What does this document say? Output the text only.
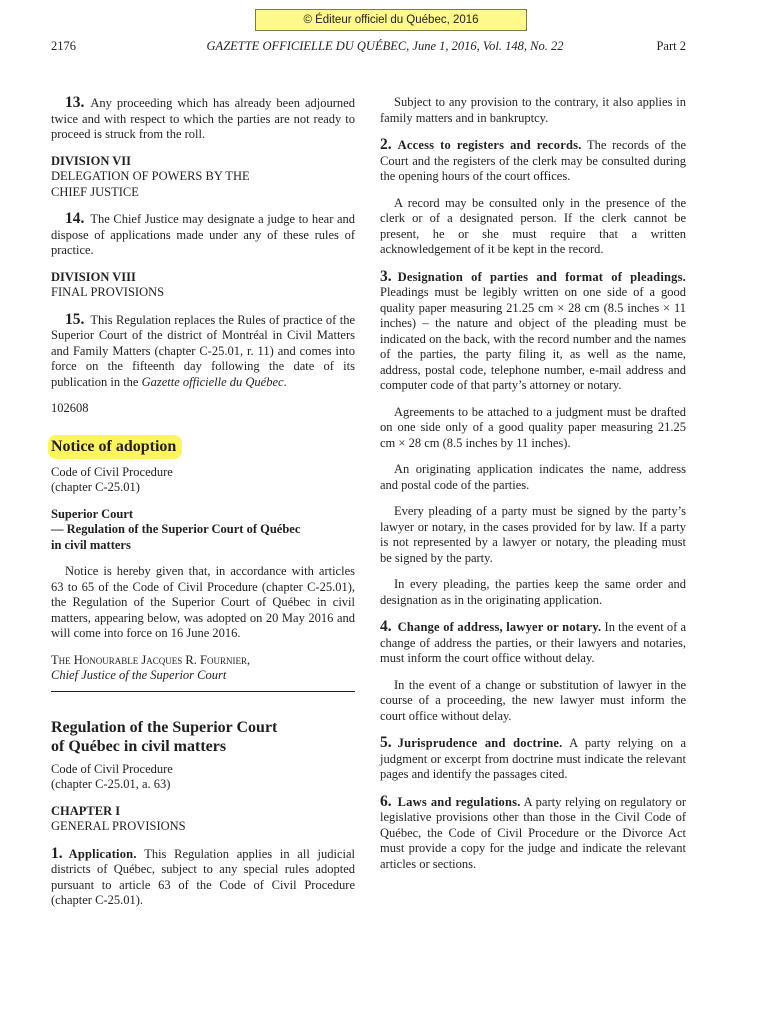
© Éditeur officiel du Québec, 2016
GAZETTE OFFICIELLE DU QUÉBEC, June 1, 2016, Vol. 148, No. 22
2176	Part 2

13. Any proceeding which has already been adjourned twice and with respect to which the parties are not ready to proceed is struck from the roll.

DIVISION VII
DELEGATION OF POWERS BY THE
CHIEF JUSTICE

14. The Chief Justice may designate a judge to hear and dispose of applications made under any of these rules of practice.

DIVISION VIII
FINAL PROVISIONS

15. This Regulation replaces the Rules of practice of the Superior Court of the district of Montréal in Civil Matters and Family Matters (chapter C-25.01, r. 11) and comes into force on the fifteenth day following the date of its publication in the Gazette officielle du Québec.

102608

Notice of adoption
Code of Civil Procedure
(chapter C-25.01)
Superior Court
— Regulation of the Superior Court of Québec
in civil matters

Notice is hereby given that, in accordance with articles 63 to 65 of the Code of Civil Procedure (chapter C-25.01), the Regulation of the Superior Court of Québec in civil matters, appearing below, was adopted on 20 May 2016 and will come into force on 16 June 2016.

The Honourable Jacques R. Fournier,
Chief Justice of the Superior Court
Regulation of the Superior Court
of Québec in civil matters
Code of Civil Procedure
(chapter C-25.01, a. 63)
CHAPTER I
GENERAL PROVISIONS

1. Application. This Regulation applies in all judicial districts of Québec, subject to any special rules adopted pursuant to article 63 of the Code of Civil Procedure (chapter C-25.01).

Subject to any provision to the contrary, it also applies in family matters and in bankruptcy.

2. Access to registers and records. The records of the Court and the registers of the clerk may be consulted during the opening hours of the court offices.

A record may be consulted only in the presence of the clerk or of a designated person. If the clerk cannot be present, he or she must require that a written acknowledgement of it be kept in the record.

3. Designation of parties and format of pleadings. Pleadings must be legibly written on one side of a good quality paper measuring 21.25 cm × 28 cm (8.5 inches × 11 inches) – the nature and object of the pleading must be indicated on the back, with the record number and the names of the parties, the party filing it, as well as the name, address, postal code, telephone number, e-mail address and computer code of that party’s attorney or notary.

Agreements to be attached to a judgment must be drafted on one side only of a good quality paper measuring 21.25 cm × 28 cm (8.5 inches by 11 inches).

An originating application indicates the name, address and postal code of the parties.

Every pleading of a party must be signed by the party’s lawyer or notary, in the cases provided for by law. If a party is not represented by a lawyer or notary, the pleading must be signed by the party.

In every pleading, the parties keep the same order and designation as in the originating application.

4. Change of address, lawyer or notary. In the event of a change of address the parties, or their lawyers and notaries, must inform the court office without delay.

In the event of a change or substitution of lawyer in the course of a proceeding, the new lawyer must inform the court office without delay.

5. Jurisprudence and doctrine. A party relying on a judgment or excerpt from doctrine must indicate the relevant pages and identify the passages cited.

6. Laws and regulations. A party relying on regulatory or legislative provisions other than those in the Civil Code of Québec, the Code of Civil Procedure or the Divorce Act must provide a copy for the judge and indicate the relevant articles or sections.
